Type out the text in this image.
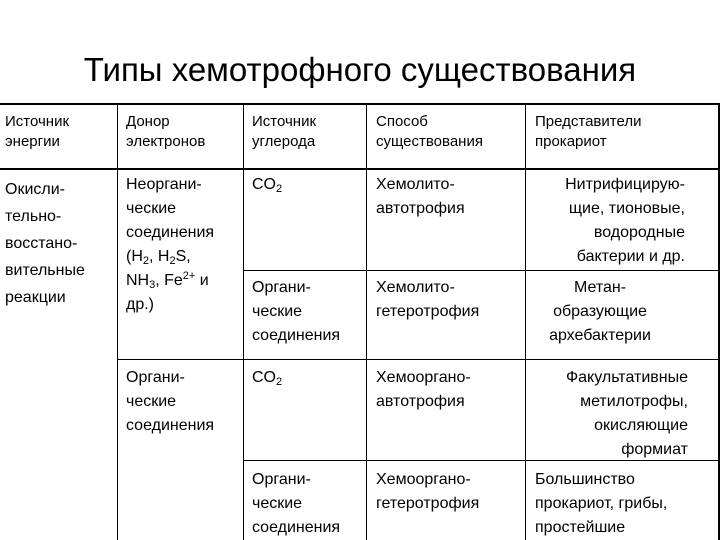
Типы хемотрофного существования
Источник
энергии
Донор
электронов
Источник
углерода
Способ
существования
Представители
прокариот
Окисли-
тельно-
восстано-
вительные
реакции
Неоргани-
ческие
соединения
($H_2$, $H_2S$,
$NH_3$, $Fe^{2+}$ и
др.)
Органи-
ческие
соединения
$CO_2$
Органи-
ческие
соединения
$CO_2$
Органи-
ческие
соединения
Хемолито-
автотрофия
Хемолито-
гетеротрофия
Хемооргано-
автотрофия
Хемооргано-
гетеротрофия
Нитрифицирую-
щие, тионовые,
водородные
бактерии и др.
Метан-
образующие
архебактерии
Факультативные
метилотрофы,
окисляющие
формиат
Большинство
прокариот, грибы,
простейшие
